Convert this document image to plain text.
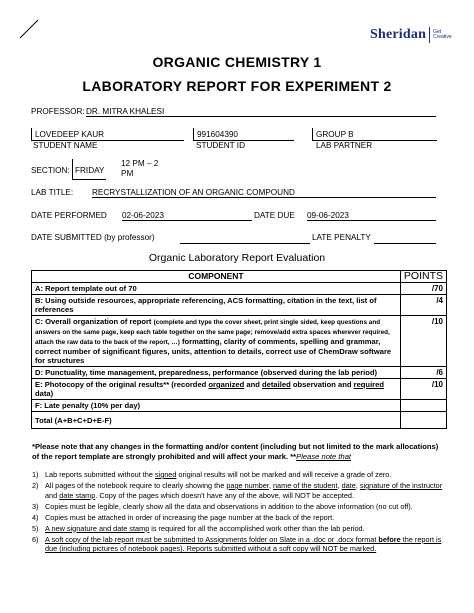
Sheridan Get
Creative
ORGANIC CHEMISTRY 1
LABORATORY REPORT FOR EXPERIMENT 2
PROFESSOR: DR. MITRA KHALESI
LOVEDEEP KAUR
STUDENT NAME
991604390
STUDENT ID
GROUP B
LAB PARTNER
SECTION: FRIDAY
12 PM – 2
PM
LAB TITLE: RECRYSTALLIZATION OF AN ORGANIC COMPOUND
DATE PERFORMED 02-06-2023	DATE DUE 09-06-2023
DATE SUBMITTED (by professor)	LATE PENALTY
Organic Laboratory Report Evaluation
COMPONENT	POINTS
A: Report template out of 70	/70
B: Using outside resources, appropriate referencing, ACS formatting, citation in the text, list of references	/4
C: Overall organization of report (complete and type the cover sheet, print single sided, keep questions and answers on the same page, keep each table together on the same page; remove/add extra spaces wherever required, attach the raw data to the back of the report, …) formatting, clarity of comments, spelling and grammar, correct number of significant figures, units, attention to details, correct use of ChemDraw software for structures	/10
D: Punctuality, time management, preparedness, performance (observed during the lab period)	/6
E: Photocopy of the original results** (recorded organized and detailed observation and required data)	/10
F: Late penalty (10% per day)	
Total (A+B+C+D+E-F)	
*Please note that any changes in the formatting and/or content (including but not limited to the mark allocations) of the report template are strongly prohibited and will affect your mark. **Please note that
1) Lab reports submitted without the signed original results will not be marked and will receive a grade of zero.
2) All pages of the notebook require to clearly showing the page number, name of the student, date, signature of the instructor and date stamp. Copy of the pages which doesn’t have any of the above, will NOT be accepted.
3) Copies must be legible, clearly show all the data and observations in addition to the above information (no cut off).
4) Copies must be attached in order of increasing the page number at the back of the report.
5) A new signature and date stamp is required for all the accomplished work other than the lab period.
6) A soft copy of the lab report must be submitted to Assignments folder on Slate in a .doc or .docx format before the report is due (including pictures of notebook pages). Reports submitted without a soft copy will NOT be marked.
